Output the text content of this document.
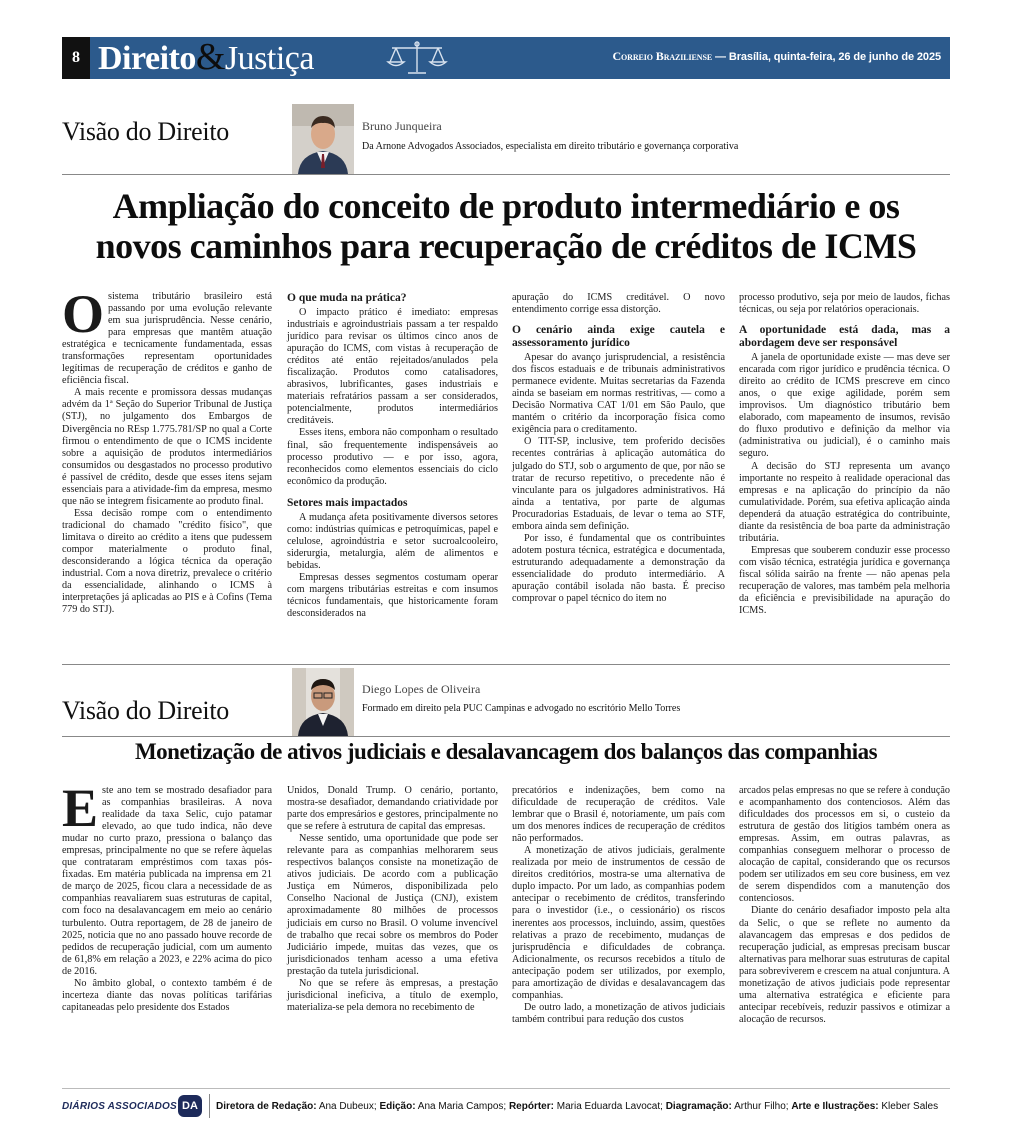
8 Direito&Justiça	Correio Braziliense — Brasília, quinta-feira, 26 de junho de 2025
Visão do Direito	Bruno Junqueira
Da Arnone Advogados Associados, especialista em direito tributário e governança corporativa
Ampliação do conceito de produto intermediário e os
novos caminhos para recuperação de créditos de ICMS
O sistema tributário brasileiro está passando por uma evolução relevante em sua jurisprudência. Nesse cenário, para empresas que mantêm atuação estratégica e tecnicamente fundamentada, essas transformações representam oportunidades legítimas de recuperação de créditos e ganho de eficiência fiscal.

A mais recente e promissora dessas mudanças advém da 1ª Seção do Superior Tribunal de Justiça (STJ), no julgamento dos Embargos de Divergência no REsp 1.775.781/SP no qual a Corte firmou o entendimento de que o ICMS incidente sobre a aquisição de produtos intermediários consumidos ou desgastados no processo produtivo é passível de crédito, desde que esses itens sejam essenciais para a atividade-fim da empresa, mesmo que não se integrem fisicamente ao produto final.

Essa decisão rompe com o entendimento tradicional do chamado "crédito físico", que limitava o direito ao crédito a itens que pudessem compor materialmente o produto final, desconsiderando a lógica técnica da operação industrial. Com a nova diretriz, prevalece o critério da essencialidade, alinhando o ICMS à interpretações já aplicadas ao PIS e à Cofins (Tema 779 do STJ).

O que muda na prática?

O impacto prático é imediato: empresas industriais e agroindustriais passam a ter respaldo jurídico para revisar os últimos cinco anos de apuração do ICMS, com vistas à recuperação de créditos até então rejeitados/anulados pela fiscalização. Produtos como catalisadores, abrasivos, lubrificantes, gases industriais e materiais refratários passam a ser considerados, potencialmente, produtos intermediários creditáveis.

Esses itens, embora não componham o resultado final, são frequentemente indispensáveis ao processo produtivo — e por isso, agora, reconhecidos como elementos essenciais do ciclo econômico da produção.

Setores mais impactados

A mudança afeta positivamente diversos setores como: indústrias químicas e petroquímicas, papel e celulose, agroindústria e setor sucroalcooleiro, siderurgia, metalurgia, além de alimentos e bebidas.

Empresas desses segmentos costumam operar com margens tributárias estreitas e com insumos técnicos fundamentais, que historicamente foram desconsiderados na

apuração do ICMS creditável. O novo entendimento corrige essa distorção.

O cenário ainda exige cautela e assessoramento jurídico

Apesar do avanço jurisprudencial, a resistência dos fiscos estaduais e de tribunais administrativos permanece evidente. Muitas secretarias da Fazenda ainda se baseiam em normas restritivas, — como a Decisão Normativa CAT 1/01 em São Paulo, que mantém o critério da incorporação física como exigência para o creditamento.

O TIT-SP, inclusive, tem proferido decisões recentes contrárias à aplicação automática do julgado do STJ, sob o argumento de que, por não se tratar de recurso repetitivo, o precedente não é vinculante para os julgadores administrativos. Há ainda a tentativa, por parte de algumas Procuradorias Estaduais, de levar o tema ao STF, embora ainda sem definição.

Por isso, é fundamental que os contribuintes adotem postura técnica, estratégica e documentada, estruturando adequadamente a demonstração da essencialidade do produto intermediário. A apuração contábil isolada não basta. É preciso comprovar o papel técnico do item no

processo produtivo, seja por meio de laudos, fichas técnicas, ou seja por relatórios operacionais.

A oportunidade está dada, mas a abordagem deve ser responsável

A janela de oportunidade existe — mas deve ser encarada com rigor jurídico e prudência técnica. O direito ao crédito de ICMS prescreve em cinco anos, o que exige agilidade, porém sem improvisos. Um diagnóstico tributário bem elaborado, com mapeamento de insumos, revisão do fluxo produtivo e definição da melhor via (administrativa ou judicial), é o caminho mais seguro.

A decisão do STJ representa um avanço importante no respeito à realidade operacional das empresas e na aplicação do princípio da não cumulatividade. Porém, sua efetiva aplicação ainda dependerá da atuação estratégica do contribuinte, diante da resistência de boa parte da administração tributária.

Empresas que souberem conduzir esse processo com visão técnica, estratégia jurídica e governança fiscal sólida sairão na frente — não apenas pela recuperação de valores, mas também pela melhoria da eficiência e previsibilidade na apuração do ICMS.

Visão do Direito
Diego Lopes de Oliveira
Formado em direito pela PUC Campinas e advogado no escritório Mello Torres
Monetização de ativos judiciais e desalavancagem dos balanços das companhias
E ste ano tem se mostrado desafiador para as companhias brasileiras. A nova realidade da taxa Selic, cujo patamar elevado, ao que tudo indica, não deve mudar no curto prazo, pressiona o balanço das empresas, principalmente no que se refere àquelas que contrataram empréstimos com taxas pós-fixadas. Em matéria publicada na imprensa em 21 de março de 2025, ficou clara a necessidade de as companhias reavaliarem suas estruturas de capital, com foco na desalavancagem em meio ao cenário turbulento. Outra reportagem, de 28 de janeiro de 2025, noticia que no ano passado houve recorde de pedidos de recuperação judicial, com um aumento de 61,8% em relação a 2023, e 22% acima do pico de 2016.

No âmbito global, o contexto também é de incerteza diante das novas políticas tarifárias capitaneadas pelo presidente dos Estados

Unidos, Donald Trump. O cenário, portanto, mostra-se desafiador, demandando criatividade por parte dos empresários e gestores, principalmente no que se refere à estrutura de capital das empresas.

Nesse sentido, uma oportunidade que pode ser relevante para as companhias melhorarem seus respectivos balanços consiste na monetização de ativos judiciais. De acordo com a publicação Justiça em Números, disponibilizada pelo Conselho Nacional de Justiça (CNJ), existem aproximadamente 80 milhões de processos judiciais em curso no Brasil. O volume invencível de trabalho que recai sobre os membros do Poder Judiciário impede, muitas das vezes, que os jurisdicionados tenham acesso a uma efetiva prestação da tutela jurisdicional.

No que se refere às empresas, a prestação jurisdicional ineficiva, a título de exemplo, materializa-se pela demora no recebimento de

precatórios e indenizações, bem como na dificuldade de recuperação de créditos. Vale lembrar que o Brasil é, notoriamente, um país com um dos menores índices de recuperação de créditos não performados.

A monetização de ativos judiciais, geralmente realizada por meio de instrumentos de cessão de direitos creditórios, mostra-se uma alternativa de duplo impacto. Por um lado, as companhias podem antecipar o recebimento de créditos, transferindo para o investidor (i.e., o cessionário) os riscos inerentes aos processos, incluindo, assim, questões relativas a prazo de recebimento, mudanças de jurisprudência e dificuldades de cobrança. Adicionalmente, os recursos recebidos a título de antecipação podem ser utilizados, por exemplo, para amortização de dívidas e desalavancagem das companhias.

De outro lado, a monetização de ativos judiciais também contribui para redução dos custos

arcados pelas empresas no que se refere à condução e acompanhamento dos contenciosos. Além das dificuldades dos processos em si, o custeio da estrutura de gestão dos litígios também onera as empresas. Assim, em outras palavras, as companhias conseguem melhorar o processo de alocação de capital, considerando que os recursos podem ser utilizados em seu core business, em vez de serem dispendidos com a manutenção dos contenciosos.

Diante do cenário desafiador imposto pela alta da Selic, o que se reflete no aumento da alavancagem das empresas e dos pedidos de recuperação judicial, as empresas precisam buscar alternativas para melhorar suas estruturas de capital para sobreviverem e crescem na atual conjuntura. A monetização de ativos judiciais pode representar uma alternativa estratégica e eficiente para antecipar recebíveis, reduzir passivos e otimizar a alocação de recursos.

DIÁRIOS ASSOCIADOS DA	Diretora de Redação: Ana Dubeux; Edição: Ana Maria Campos; Repórter: Maria Eduarda Lavocat; Diagramação: Arthur Filho; Arte e Ilustrações: Kleber Sales
